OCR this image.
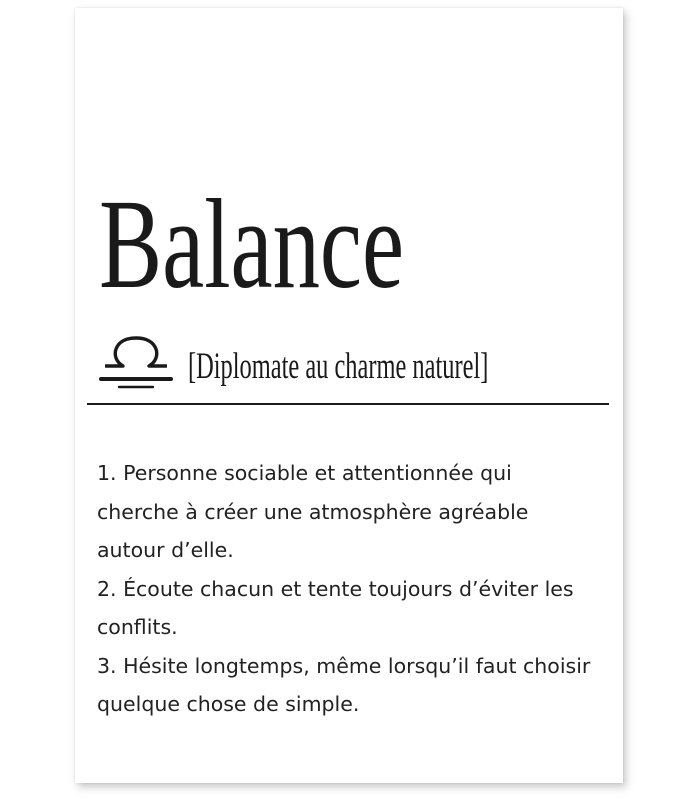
Balance
[Diplomate au charme naturel]
1. Personne sociable et attentionnée qui cherche à créer une atmosphère agréable autour d’elle.
2. Écoute chacun et tente toujours d’éviter les conflits.
3. Hésite longtemps, même lorsqu’il faut choisir quelque chose de simple.
